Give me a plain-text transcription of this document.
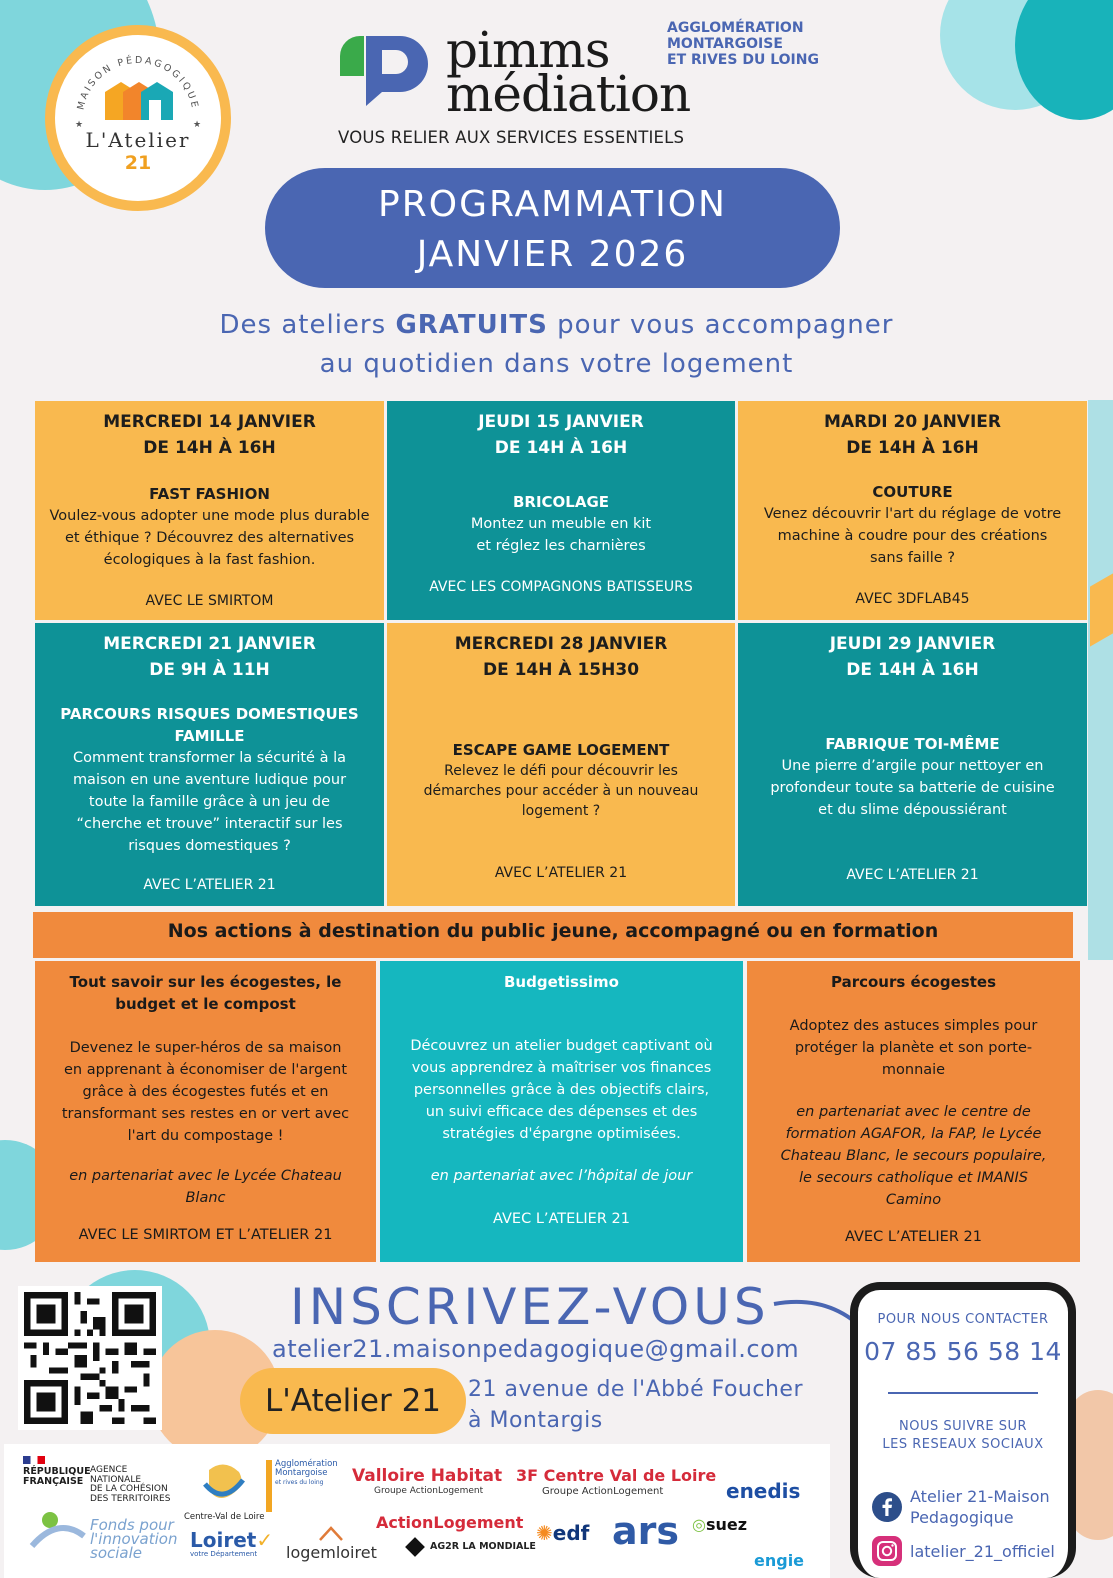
MAISON PÉDAGOGIQUE
★	★
L'Atelier
21
pimms
médiation
AGGLOMÉRATION
MONTARGOISE
ET RIVES DU LOING
VOUS RELIER AUX SERVICES ESSENTIELS
PROGRAMMATION
JANVIER 2026
Des ateliers GRATUITS pour vous accompagner
au quotidien dans votre logement
MERCREDI 14 JANVIER
DE 14H À 16H
FAST FASHION
Voulez-vous adopter une mode plus durable
et éthique ? Découvrez des alternatives
écologiques à la fast fashion.
AVEC LE SMIRTOM
JEUDI 15 JANVIER
DE 14H À 16H
BRICOLAGE
Montez un meuble en kit
et réglez les charnières
AVEC LES COMPAGNONS BATISSEURS
MARDI 20 JANVIER
DE 14H À 16H
COUTURE
Venez découvrir l'art du réglage de votre
machine à coudre pour des créations
sans faille ?
AVEC 3DFLAB45
MERCREDI 21 JANVIER
DE 9H À 11H
PARCOURS RISQUES DOMESTIQUES
FAMILLE
Comment transformer la sécurité à la
maison en une aventure ludique pour
toute la famille grâce à un jeu de
“cherche et trouve” interactif sur les
risques domestiques ?
AVEC L’ATELIER 21
MERCREDI 28 JANVIER
DE 14H À 15H30
ESCAPE GAME LOGEMENT
Relevez le défi pour découvrir les
démarches pour accéder à un nouveau
logement ?
AVEC L’ATELIER 21
JEUDI 29 JANVIER
DE 14H À 16H
FABRIQUE TOI-MÊME
Une pierre d’argile pour nettoyer en
profondeur toute sa batterie de cuisine
et du slime dépoussiérant
AVEC L’ATELIER 21
Nos actions à destination du public jeune, accompagné ou en formation
Tout savoir sur les écogestes, le
budget et le compost
Devenez le super-héros de sa maison
en apprenant à économiser de l'argent
grâce à des écogestes futés et en
transformant ses restes en or vert avec
l'art du compostage !
en partenariat avec le Lycée Chateau
Blanc
AVEC LE SMIRTOM ET L’ATELIER 21
Budgetissimo
Découvrez un atelier budget captivant où
vous apprendrez à maîtriser vos finances
personnelles grâce à des objectifs clairs,
un suivi efficace des dépenses et des
stratégies d'épargne optimisées.
en partenariat avec l’hôpital de jour
AVEC L’ATELIER 21
Parcours écogestes
Adoptez des astuces simples pour
protéger la planète et son porte-
monnaie
en partenariat avec le centre de
formation AGAFOR, la FAP, le Lycée
Chateau Blanc, le secours populaire,
le secours catholique et IMANIS
Camino
AVEC L’ATELIER 21
INSCRIVEZ-VOUS
atelier21.maisonpedagogique@gmail.com
L'Atelier 21	21 avenue de l'Abbé Foucher
à Montargis
POUR NOUS CONTACTER
07 85 56 58 14
NOUS SUIVRE SUR
LES RESEAUX SOCIAUX
Atelier 21-Maison
Pedagogique
latelier_21_officiel
RÉPUBLIQUE
FRANÇAISE
AGENCE
NATIONALE
DE LA COHÉSION
DES TERRITOIRES
Fonds pour
l'innovation
sociale
Centre-Val de Loire
Loiret✓
votre Département
Agglomération
Montargoise
et rives du loing
logemloiret
Valloire Habitat
Groupe ActionLogement
ActionLogement
AG2R LA MONDIALE
3F Centre Val de Loire
Groupe ActionLogement
✺edf ars ◎suez
enedis
engie
